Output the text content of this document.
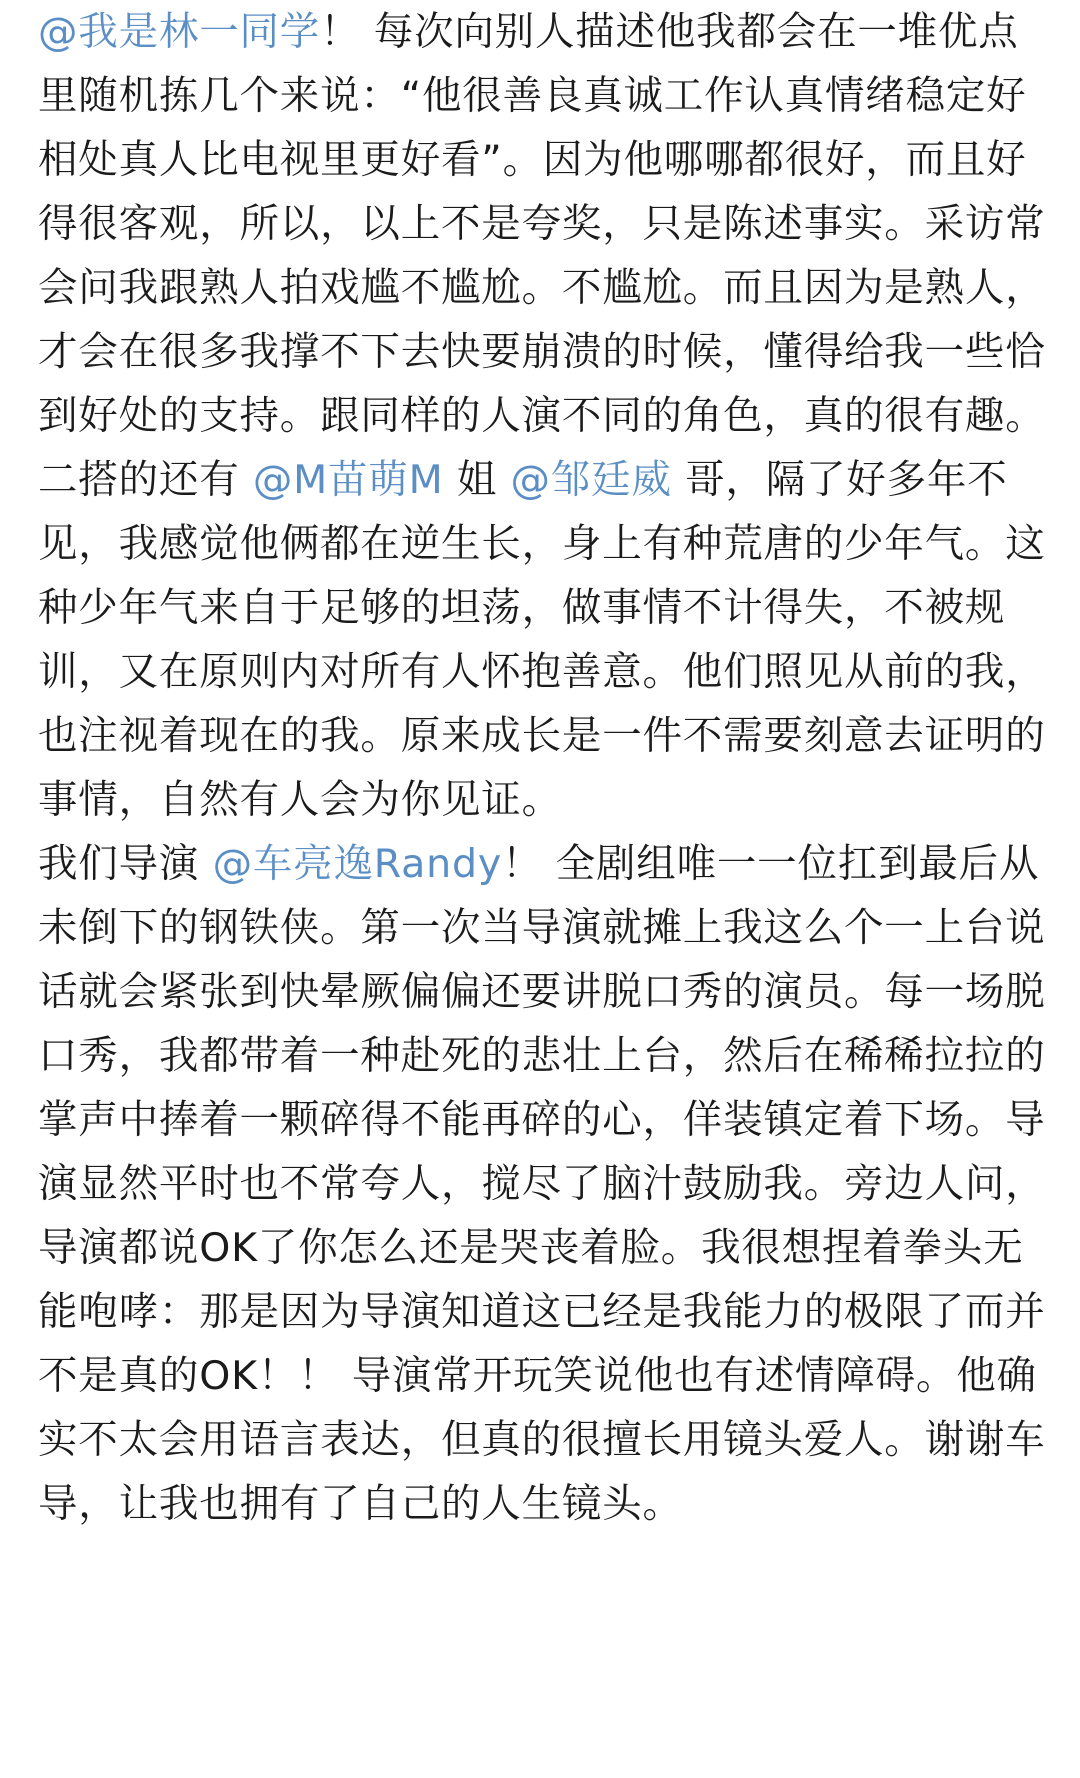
@我是林一同学！ 每次向别人描述他我都会在一堆优点里随机拣几个来说：“他很善良真诚工作认真情绪稳定好相处真人比电视里更好看”。因为他哪哪都很好，而且好得很客观，所以，以上不是夸奖，只是陈述事实。采访常会问我跟熟人拍戏尴不尴尬。不尴尬。而且因为是熟人，才会在很多我撑不下去快要崩溃的时候，懂得给我一些恰到好处的支持。跟同样的人演不同的角色，真的很有趣。

二搭的还有 @M苗萌M 姐 @邹廷威 哥，隔了好多年不见，我感觉他俩都在逆生长，身上有种荒唐的少年气。这种少年气来自于足够的坦荡，做事情不计得失，不被规训，又在原则内对所有人怀抱善意。他们照见从前的我，也注视着现在的我。原来成长是一件不需要刻意去证明的事情，自然有人会为你见证。

我们导演 @车亮逸Randy！ 全剧组唯一一位扛到最后从未倒下的钢铁侠。第一次当导演就摊上我这么个一上台说话就会紧张到快晕厥偏偏还要讲脱口秀的演员。每一场脱口秀，我都带着一种赴死的悲壮上台，然后在稀稀拉拉的掌声中捧着一颗碎得不能再碎的心，佯装镇定着下场。导演显然平时也不常夸人，搅尽了脑汁鼓励我。旁边人问，导演都说OK了你怎么还是哭丧着脸。我很想捏着拳头无能咆哮：那是因为导演知道这已经是我能力的极限了而并不是真的OK！！ 导演常开玩笑说他也有述情障碍。他确实不太会用语言表达，但真的很擅长用镜头爱人。谢谢车导，让我也拥有了自己的人生镜头。
